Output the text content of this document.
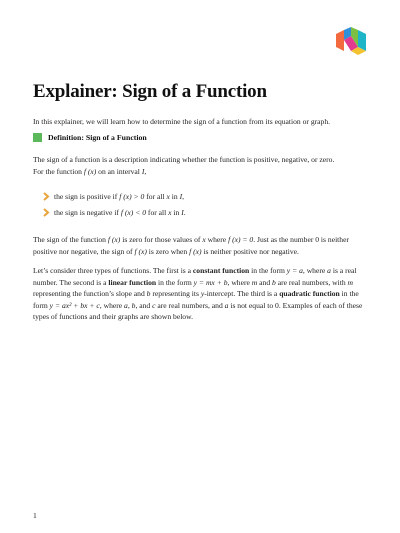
Explainer: Sign of a Function

In this explainer, we will learn how to determine the sign of a function from its equation or graph.

Definition: Sign of a Function

The sign of a function is a description indicating whether the function is positive, negative, or zero.
For the function f (x) on an interval I,

the sign is positive if f (x) > 0 for all x in I,
the sign is negative if f (x) < 0 for all x in I.

The sign of the function f (x) is zero for those values of x where f (x) = 0. Just as the number 0 is neither positive nor negative, the sign of f (x) is zero when f (x) is neither positive nor negative.

Let’s consider three types of functions. The first is a constant function in the form y = a, where a is a real number. The second is a linear function in the form y = mx + b, where m and b are real numbers, with m representing the function’s slope and b representing its y-intercept. The third is a quadratic function in the form y = ax² + bx + c, where a, b, and c are real numbers, and a is not equal to 0. Examples of each of these types of functions and their graphs are shown below.

1
